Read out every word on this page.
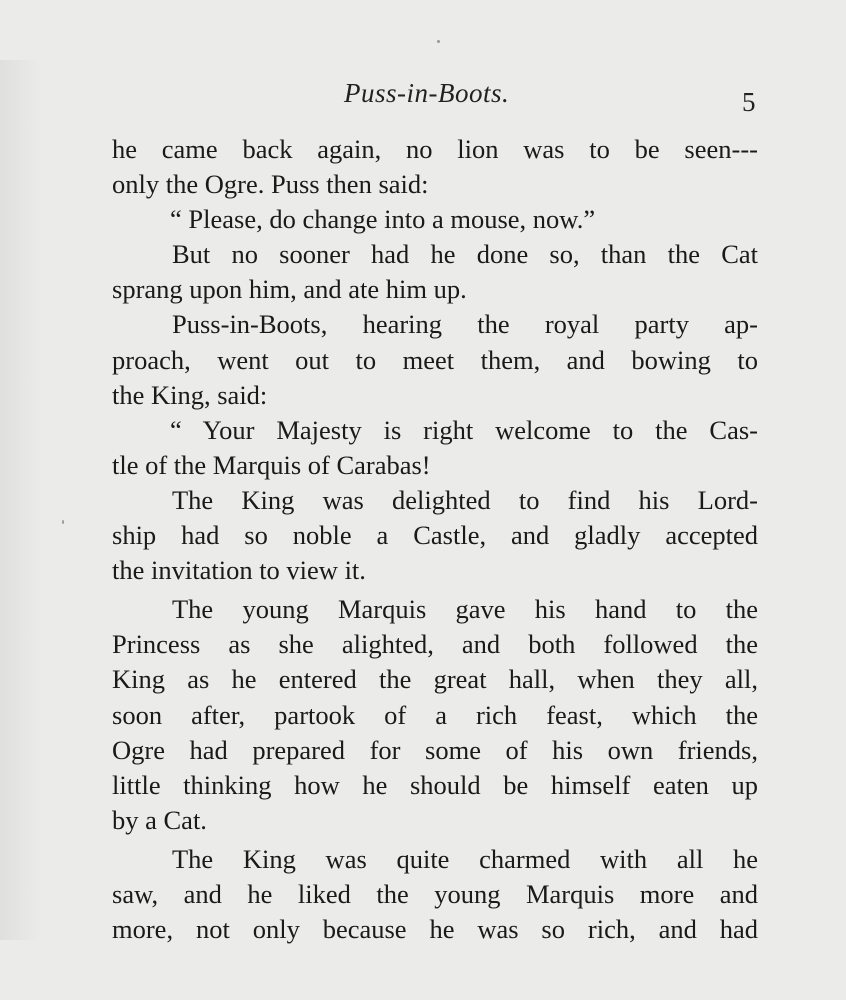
Puss-in-Boots.	5
he came back again, no lion was to be seen---
only the Ogre. Puss then said:
“ Please, do change into a mouse, now.”
But no sooner had he done so, than the Cat
sprang upon him, and ate him up.
Puss-in-Boots, hearing the royal party ap-
proach, went out to meet them, and bowing to
the King, said:
“ Your Majesty is right welcome to the Cas-
tle of the Marquis of Carabas!
The King was delighted to find his Lord-
ship had so noble a Castle, and gladly accepted
the invitation to view it.
The young Marquis gave his hand to the
Princess as she alighted, and both followed the
King as he entered the great hall, when they all,
soon after, partook of a rich feast, which the
Ogre had prepared for some of his own friends,
little thinking how he should be himself eaten up
by a Cat.
The King was quite charmed with all he
saw, and he liked the young Marquis more and
more, not only because he was so rich, and had
